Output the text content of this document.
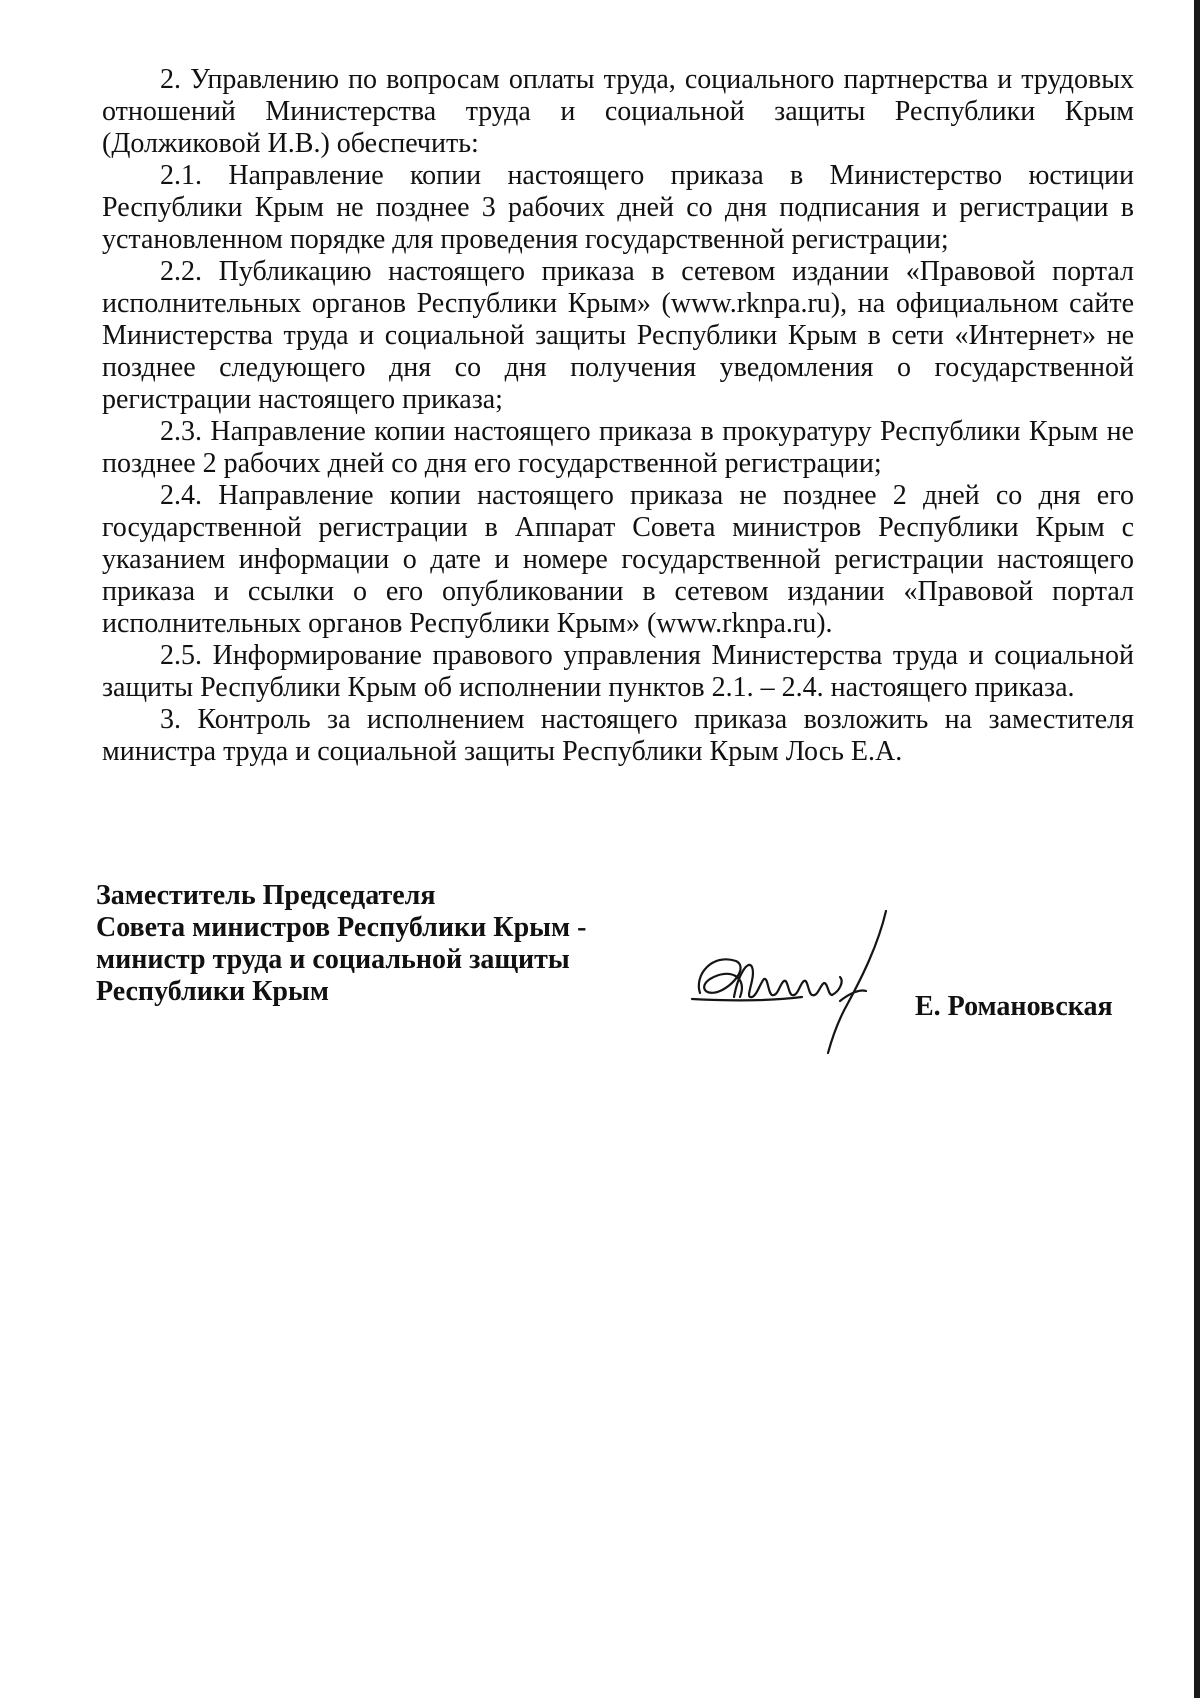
2. Управлению по вопросам оплаты труда, социального партнерства и трудовых отношений Министерства труда и социальной защиты Республики Крым (Должиковой И.В.) обеспечить:

2.1. Направление копии настоящего приказа в Министерство юстиции Республики Крым не позднее 3 рабочих дней со дня подписания и регистрации в установленном порядке для проведения государственной регистрации;

2.2. Публикацию настоящего приказа в сетевом издании «Правовой портал исполнительных органов Республики Крым» (www.rknpa.ru), на официальном сайте Министерства труда и социальной защиты Республики Крым в сети «Интернет» не позднее следующего дня со дня получения уведомления о государственной регистрации настоящего приказа;

2.3. Направление копии настоящего приказа в прокуратуру Республики Крым не позднее 2 рабочих дней со дня его государственной регистрации;

2.4. Направление копии настоящего приказа не позднее 2 дней со дня его государственной регистрации в Аппарат Совета министров Республики Крым с указанием информации о дате и номере государственной регистрации настоящего приказа и ссылки о его опубликовании в сетевом издании «Правовой портал исполнительных органов Республики Крым» (www.rknpa.ru).

2.5. Информирование правового управления Министерства труда и социальной защиты Республики Крым об исполнении пунктов 2.1. – 2.4. настоящего приказа.

3. Контроль за исполнением настоящего приказа возложить на заместителя министра труда и социальной защиты Республики Крым Лось Е.А.

Заместитель Председателя
Совета министров Республики Крым -
министр труда и социальной защиты
Республики Крым	Е. Романовская
